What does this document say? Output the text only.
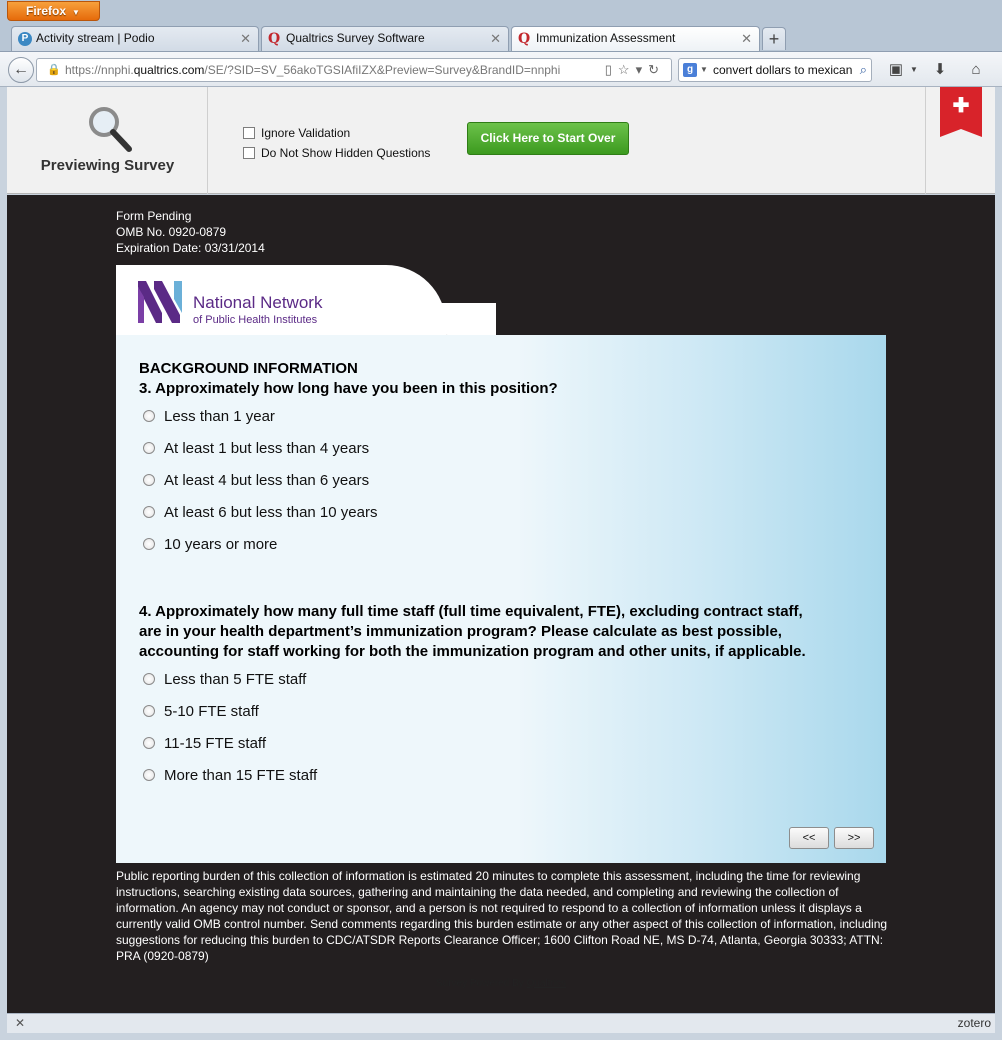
Firefox ▼
P Activity stream | Podio	✕ Q Qualtrics Survey Software	✕ Q Immunization Assessment	✕ +
←	🔒 https://nnphi.qualtrics.com/SE/?SID=SV_56akoTGSIAfiIZX&Preview=Survey&BrandID=nnphi	▯☆▾↻	g ▼ convert dollars to mexican ⌕ ▣ ▼	⬇	⌂
Previewing Survey
Ignore Validation
Do Not Show Hidden Questions
Click Here to Start Over
✚
Form Pending
OMB No. 0920-0879
Expiration Date: 03/31/2014
National Network
of Public Health Institutes
BACKGROUND INFORMATION
3. Approximately how long have you been in this position?
Less than 1 year
At least 1 but less than 4 years
At least 4 but less than 6 years
At least 6 but less than 10 years
10 years or more
4. Approximately how many full time staff (full time equivalent, FTE), excluding contract staff,
are in your health department’s immunization program? Please calculate as best possible,
accounting for staff working for both the immunization program and other units, if applicable.
Less than 5 FTE staff
5-10 FTE staff
11-15 FTE staff
More than 15 FTE staff
<<	>>
Public reporting burden of this collection of information is estimated 20 minutes to complete this assessment, including the time for reviewing instructions, searching existing data sources, gathering and maintaining the data needed, and completing and reviewing the collection of information. An agency may not conduct or sponsor, and a person is not required to respond to a collection of information unless it displays a currently valid OMB control number. Send comments regarding this burden estimate or any other aspect of this collection of information, including suggestions for reducing this burden to CDC/ATSDR Reports Clearance Officer; 1600 Clifton Road NE, MS D-74, Atlanta, Georgia 30333; ATTN: PRA (0920-0879)
Survey Powered By Qualtrics
✕	zotero
